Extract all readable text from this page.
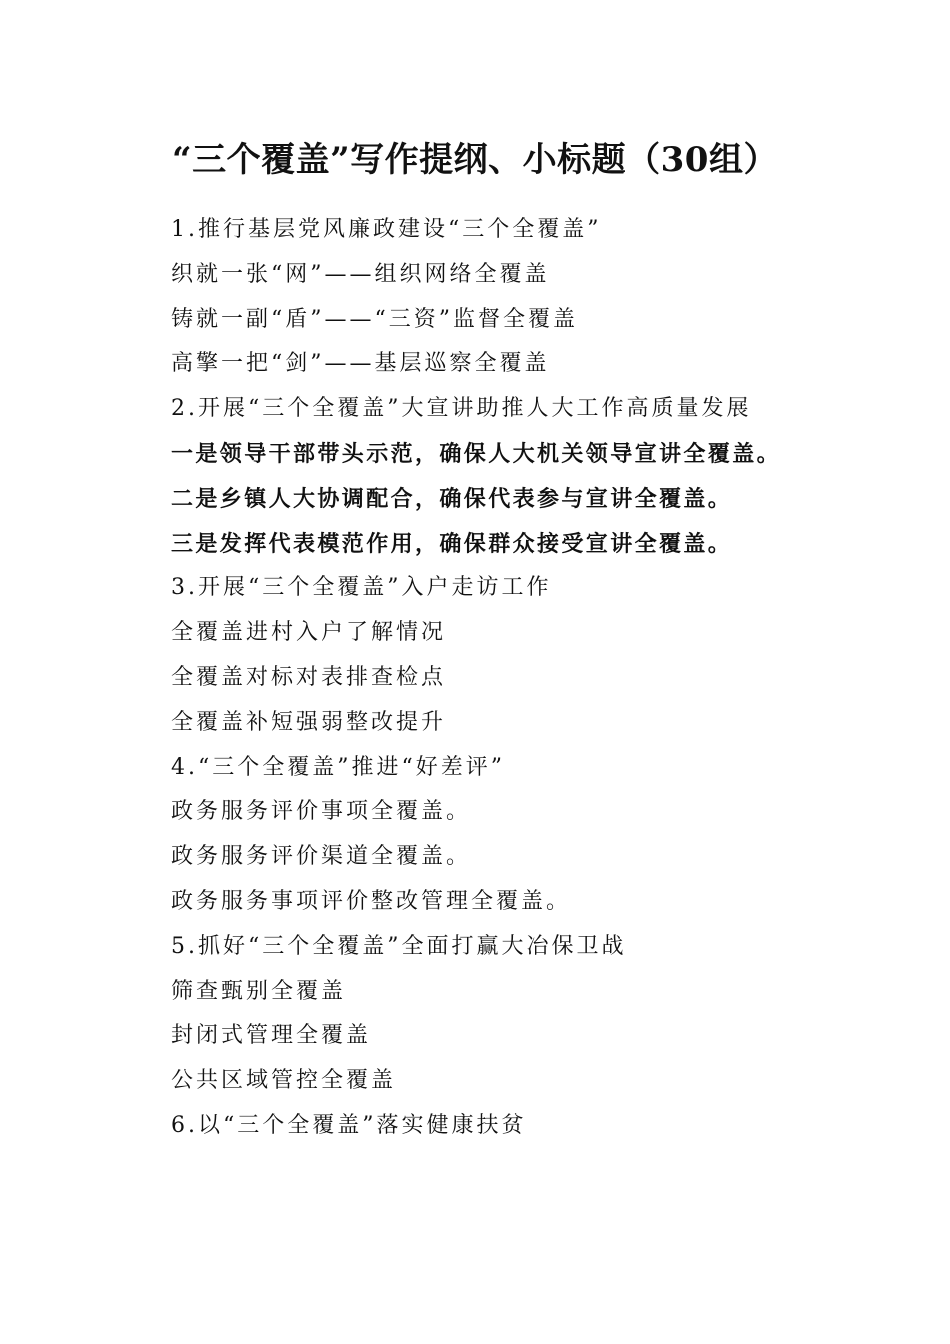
“三个覆盖”写作提纲、小标题（30组）
1.推行基层党风廉政建设“三个全覆盖”
织就一张“网”——组织网络全覆盖
铸就一副“盾”——“三资”监督全覆盖
高擎一把“剑”——基层巡察全覆盖
2.开展“三个全覆盖”大宣讲助推人大工作高质量发展
一是领导干部带头示范，确保人大机关领导宣讲全覆盖。
二是乡镇人大协调配合，确保代表参与宣讲全覆盖。
三是发挥代表模范作用，确保群众接受宣讲全覆盖。
3.开展“三个全覆盖”入户走访工作
全覆盖进村入户了解情况
全覆盖对标对表排查检点
全覆盖补短强弱整改提升
4.“三个全覆盖”推进“好差评”
政务服务评价事项全覆盖。
政务服务评价渠道全覆盖。
政务服务事项评价整改管理全覆盖。
5.抓好“三个全覆盖”全面打赢大冶保卫战
筛查甄别全覆盖
封闭式管理全覆盖
公共区域管控全覆盖
6.以“三个全覆盖”落实健康扶贫
